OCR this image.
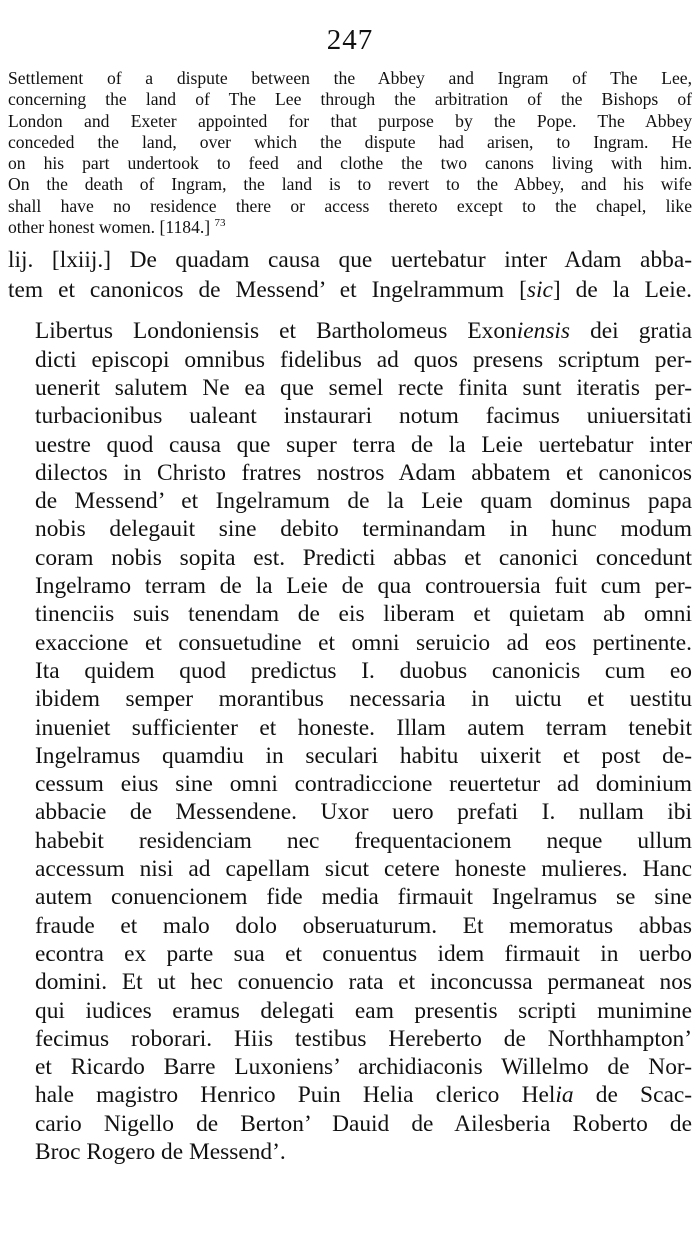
247
Settlement of a dispute between the Abbey and Ingram of The Lee,
concerning the land of The Lee through the arbitration of the Bishops of
London and Exeter appointed for that purpose by the Pope. The Abbey
conceded the land, over which the dispute had arisen, to Ingram. He
on his part undertook to feed and clothe the two canons living with him.
On the death of Ingram, the land is to revert to the Abbey, and his wife
shall have no residence there or access thereto except to the chapel, like
other honest women. [1184.] $^{73}$
lij. [lxiij.] De quadam causa que uertebatur inter Adam abba-
tem et canonicos de Messend’ et Ingelrammum [sic] de la Leie.
Libertus Londoniensis et Bartholomeus Exoniensis dei gratia
dicti episcopi omnibus fidelibus ad quos presens scriptum per-
uenerit salutem Ne ea que semel recte finita sunt iteratis per-
turbacionibus ualeant instaurari notum facimus uniuersitati
uestre quod causa que super terra de la Leie uertebatur inter
dilectos in Christo fratres nostros Adam abbatem et canonicos
de Messend’ et Ingelramum de la Leie quam dominus papa
nobis delegauit sine debito terminandam in hunc modum
coram nobis sopita est. Predicti abbas et canonici concedunt
Ingelramo terram de la Leie de qua controuersia fuit cum per-
tinenciis suis tenendam de eis liberam et quietam ab omni
exaccione et consuetudine et omni seruicio ad eos pertinente.
Ita quidem quod predictus I. duobus canonicis cum eo
ibidem semper morantibus necessaria in uictu et uestitu
inueniet sufficienter et honeste. Illam autem terram tenebit
Ingelramus quamdiu in seculari habitu uixerit et post de-
cessum eius sine omni contradiccione reuertetur ad dominium
abbacie de Messendene. Uxor uero prefati I. nullam ibi
habebit residenciam nec frequentacionem neque ullum
accessum nisi ad capellam sicut cetere honeste mulieres. Hanc
autem conuencionem fide media firmauit Ingelramus se sine
fraude et malo dolo obseruaturum. Et memoratus abbas
econtra ex parte sua et conuentus idem firmauit in uerbo
domini. Et ut hec conuencio rata et inconcussa permaneat nos
qui iudices eramus delegati eam presentis scripti munimine
fecimus roborari. Hiis testibus Hereberto de Northhampton’
et Ricardo Barre Luxoniens’ archidiaconis Willelmo de Nor-
hale magistro Henrico Puin Helia clerico Helia de Scac-
cario Nigello de Berton’ Dauid de Ailesberia Roberto de
Broc Rogero de Messend’.
